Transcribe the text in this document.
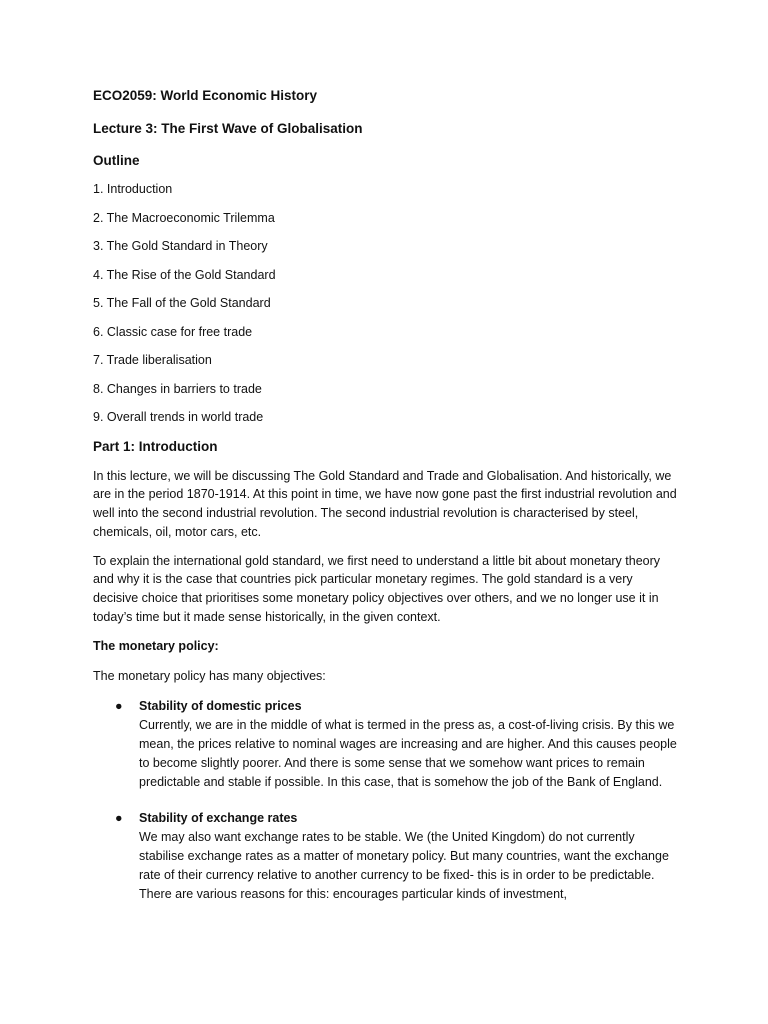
ECO2059: World Economic History
Lecture 3: The First Wave of Globalisation
Outline
1. Introduction
2. The Macroeconomic Trilemma
3. The Gold Standard in Theory
4. The Rise of the Gold Standard
5. The Fall of the Gold Standard
6. Classic case for free trade
7. Trade liberalisation
8. Changes in barriers to trade
9. Overall trends in world trade
Part 1: Introduction

In this lecture, we will be discussing The Gold Standard and Trade and Globalisation. And historically, we are in the period 1870-1914. At this point in time, we have now gone past the first industrial revolution and well into the second industrial revolution. The second industrial revolution is characterised by steel, chemicals, oil, motor cars, etc.

To explain the international gold standard, we first need to understand a little bit about monetary theory and why it is the case that countries pick particular monetary regimes. The gold standard is a very decisive choice that prioritises some monetary policy objectives over others, and we no longer use it in today’s time but it made sense historically, in the given context.

The monetary policy:

The monetary policy has many objectives:

● Stability of domestic prices
Currently, we are in the middle of what is termed in the press as, a cost-of-living crisis. By this we mean, the prices relative to nominal wages are increasing and are higher. And this causes people to become slightly poorer. And there is some sense that we somehow want prices to remain predictable and stable if possible. In this case, that is somehow the job of the Bank of England.
● Stability of exchange rates
We may also want exchange rates to be stable. We (the United Kingdom) do not currently stabilise exchange rates as a matter of monetary policy. But many countries, want the exchange rate of their currency relative to another currency to be fixed- this is in order to be predictable. There are various reasons for this: encourages particular kinds of investment,
